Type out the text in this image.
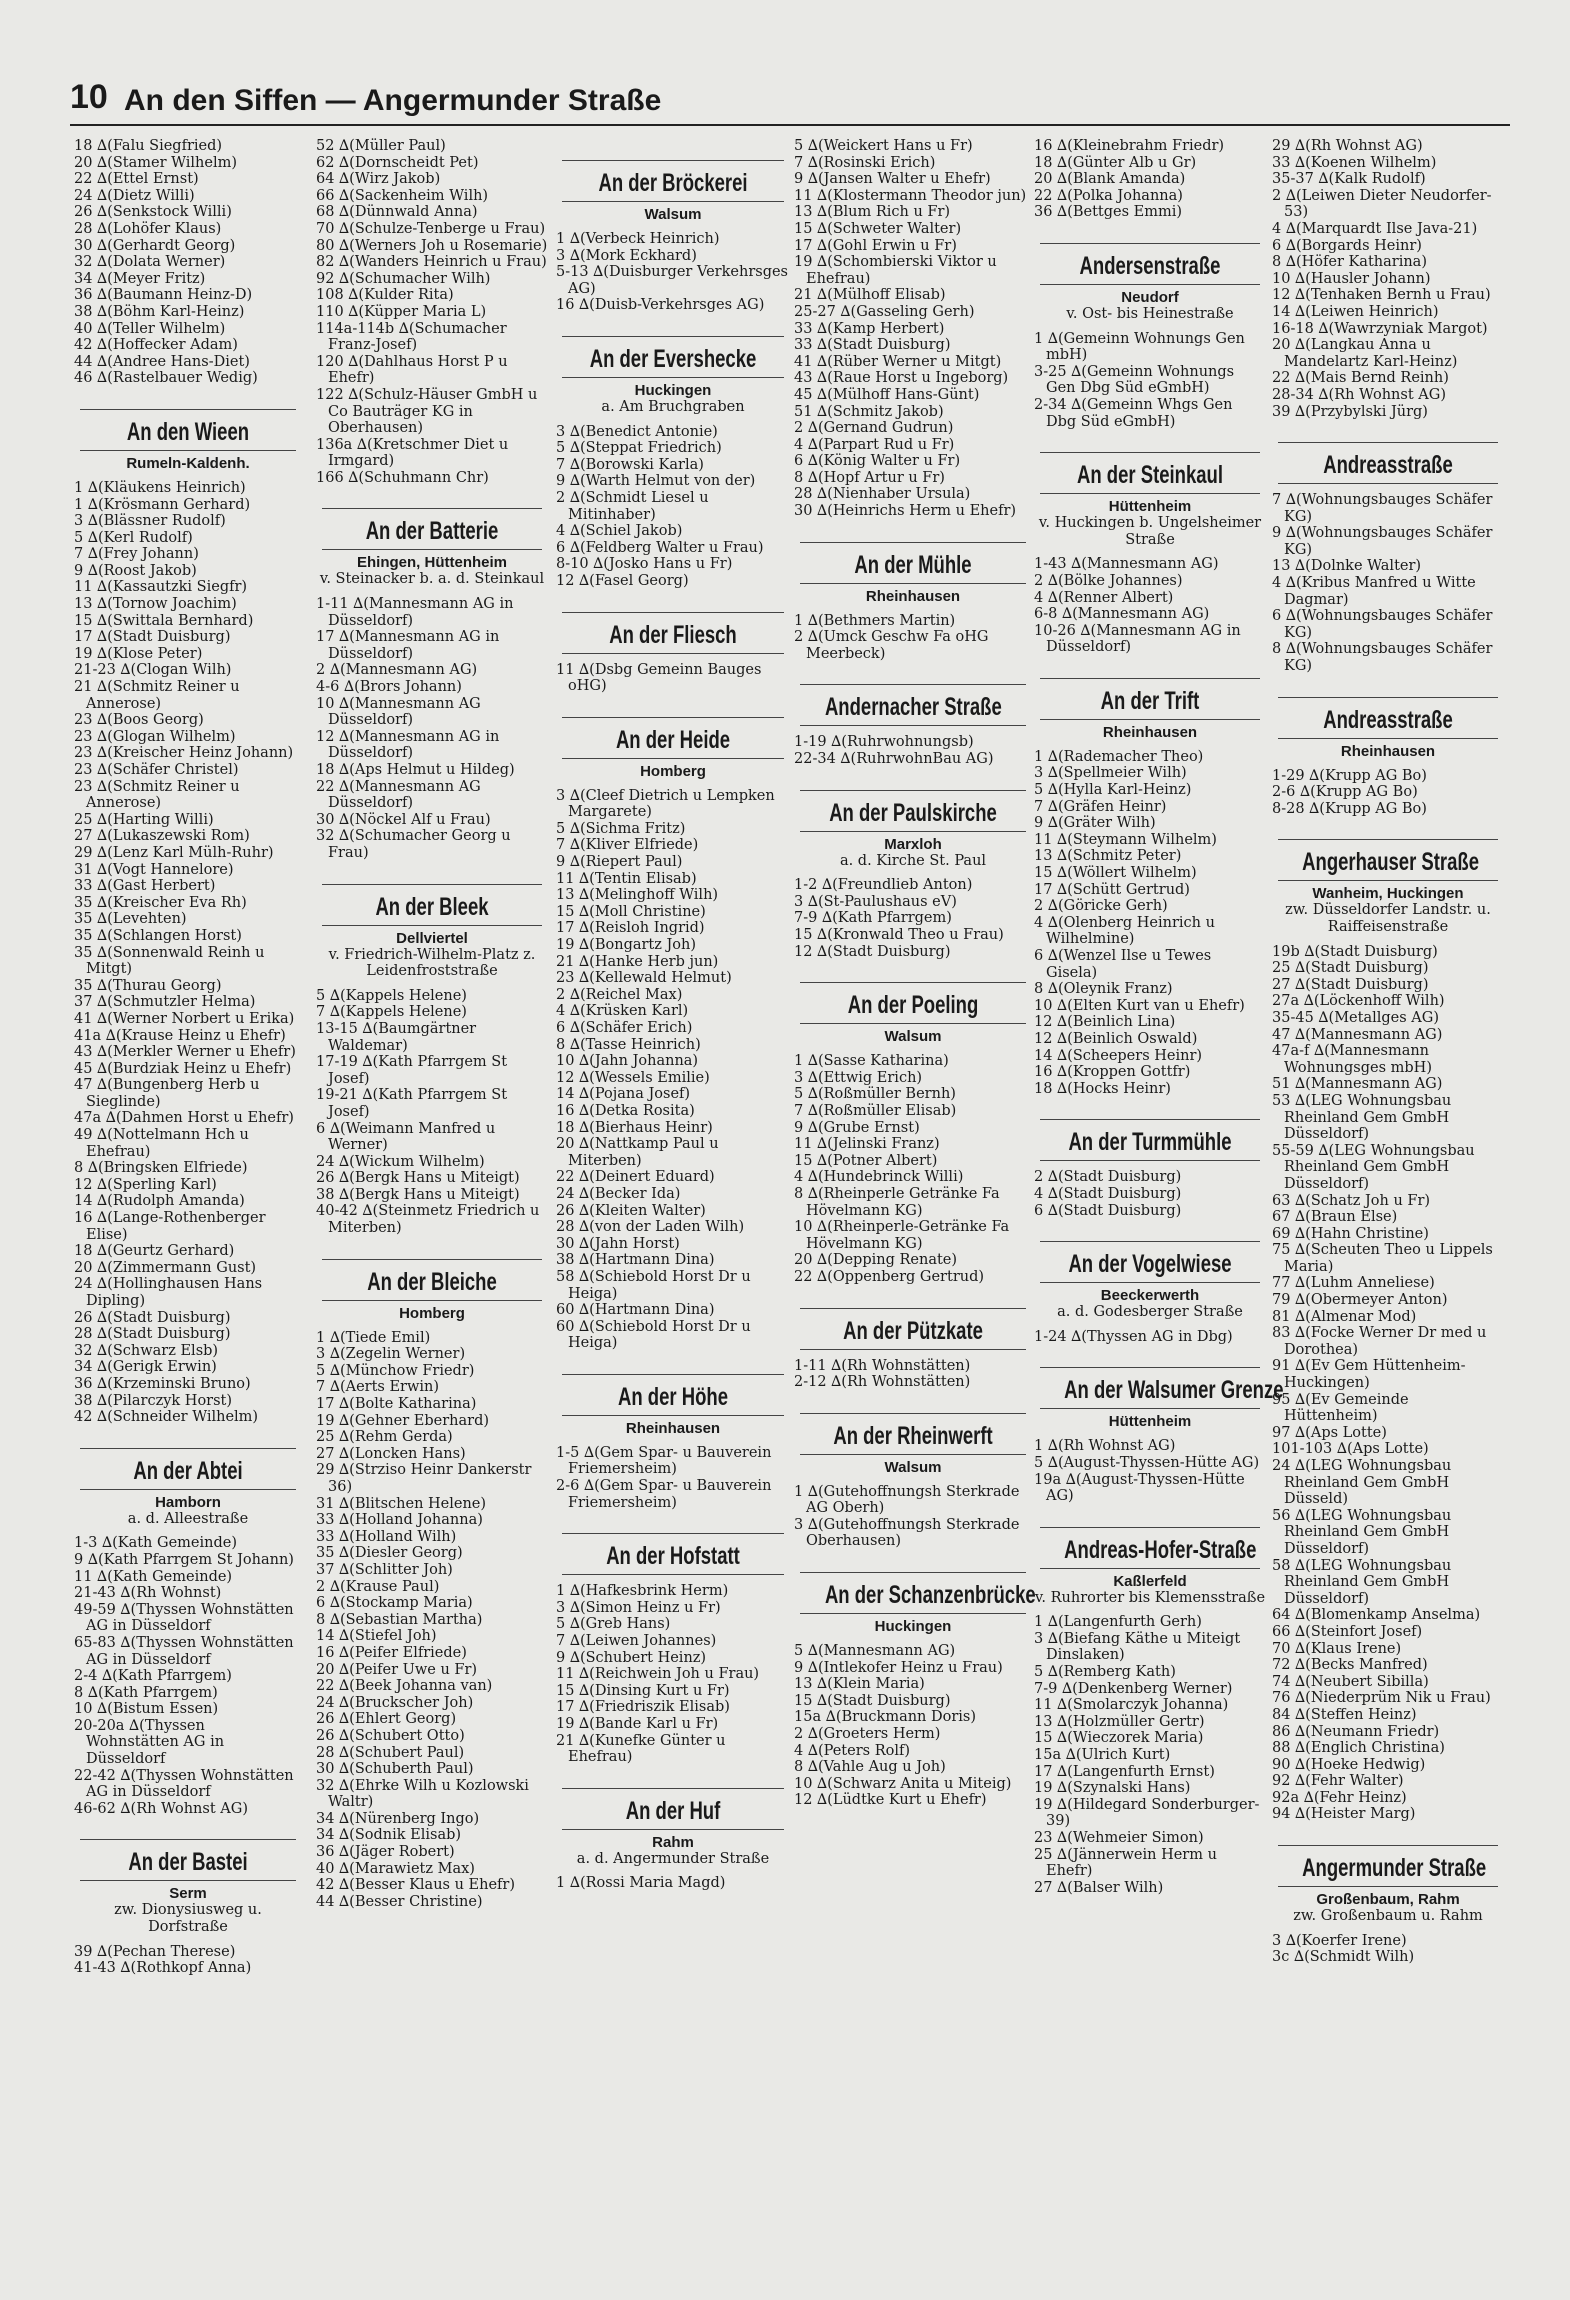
10 An den Siffen — Angermunder Straße
18 ∆(Falu Siegfried)
20 ∆(Stamer Wilhelm)
22 ∆(Ettel Ernst)
24 ∆(Dietz Willi)
26 ∆(Senkstock Willi)
28 ∆(Lohöfer Klaus)
30 ∆(Gerhardt Georg)
32 ∆(Dolata Werner)
34 ∆(Meyer Fritz)
36 ∆(Baumann Heinz-D)
38 ∆(Böhm Karl-Heinz)
40 ∆(Teller Wilhelm)
42 ∆(Hoffecker Adam)
44 ∆(Andree Hans-Diet)
46 ∆(Rastelbauer Wedig)
An den Wieen
Rumeln-Kaldenh.
1 ∆(Kläukens Heinrich)
1 ∆(Krösmann Gerhard)
3 ∆(Blässner Rudolf)
5 ∆(Kerl Rudolf)
7 ∆(Frey Johann)
9 ∆(Roost Jakob)
11 ∆(Kassautzki Siegfr)
13 ∆(Tornow Joachim)
15 ∆(Swittala Bernhard)
17 ∆(Stadt Duisburg)
19 ∆(Klose Peter)
21-23 ∆(Clogan Wilh)
21 ∆(Schmitz Reiner u Annerose)
23 ∆(Boos Georg)
23 ∆(Glogan Wilhelm)
23 ∆(Kreischer Heinz Johann)
23 ∆(Schäfer Christel)
23 ∆(Schmitz Reiner u Annerose)
25 ∆(Harting Willi)
27 ∆(Lukaszewski Rom)
29 ∆(Lenz Karl Mülh-Ruhr)
31 ∆(Vogt Hannelore)
33 ∆(Gast Herbert)
35 ∆(Kreischer Eva Rh)
35 ∆(Levehten)
35 ∆(Schlangen Horst)
35 ∆(Sonnenwald Reinh u Mitgt)
35 ∆(Thurau Georg)
37 ∆(Schmutzler Helma)
41 ∆(Werner Norbert u Erika)
41a ∆(Krause Heinz u Ehefr)
43 ∆(Merkler Werner u Ehefr)
45 ∆(Burdziak Heinz u Ehefr)
47 ∆(Bungenberg Herb u Sieglinde)
47a ∆(Dahmen Horst u Ehefr)
49 ∆(Nottelmann Hch u Ehefrau)
8 ∆(Bringsken Elfriede)
12 ∆(Sperling Karl)
14 ∆(Rudolph Amanda)
16 ∆(Lange-Rothenberger Elise)
18 ∆(Geurtz Gerhard)
20 ∆(Zimmermann Gust)
24 ∆(Hollinghausen Hans Dipling)
26 ∆(Stadt Duisburg)
28 ∆(Stadt Duisburg)
32 ∆(Schwarz Elsb)
34 ∆(Gerigk Erwin)
36 ∆(Krzeminski Bruno)
38 ∆(Pilarczyk Horst)
42 ∆(Schneider Wilhelm)
An der Abtei
Hamborn
a. d. Alleestraße
1-3 ∆(Kath Gemeinde)
9 ∆(Kath Pfarrgem St Johann)
11 ∆(Kath Gemeinde)
21-43 ∆(Rh Wohnst)
49-59 ∆(Thyssen Wohnstätten AG in Düsseldorf
65-83 ∆(Thyssen Wohnstätten AG in Düsseldorf
2-4 ∆(Kath Pfarrgem)
8 ∆(Kath Pfarrgem)
10 ∆(Bistum Essen)
20-20a ∆(Thyssen Wohnstätten AG in Düsseldorf
22-42 ∆(Thyssen Wohnstätten AG in Düsseldorf
46-62 ∆(Rh Wohnst AG)
An der Bastei
Serm
zw. Dionysiusweg u. Dorfstraße
39 ∆(Pechan Therese)
41-43 ∆(Rothkopf Anna)
52 ∆(Müller Paul)
62 ∆(Dornscheidt Pet)
64 ∆(Wirz Jakob)
66 ∆(Sackenheim Wilh)
68 ∆(Dünnwald Anna)
70 ∆(Schulze-Tenberge u Frau)
80 ∆(Werners Joh u Rosemarie)
82 ∆(Wanders Heinrich u Frau)
92 ∆(Schumacher Wilh)
108 ∆(Kulder Rita)
110 ∆(Küpper Maria L)
114a-114b ∆(Schumacher Franz-Josef)
120 ∆(Dahlhaus Horst P u Ehefr)
122 ∆(Schulz-Häuser GmbH u Co Bauträger KG in Oberhausen)
136a ∆(Kretschmer Diet u Irmgard)
166 ∆(Schuhmann Chr)
An der Batterie
Ehingen, Hüttenheim
v. Steinacker b. a. d. Steinkaul
1-11 ∆(Mannesmann AG in Düsseldorf)
17 ∆(Mannesmann AG in Düsseldorf)
2 ∆(Mannesmann AG)
4-6 ∆(Brors Johann)
10 ∆(Mannesmann AG Düsseldorf)
12 ∆(Mannesmann AG in Düsseldorf)
18 ∆(Aps Helmut u Hildeg)
22 ∆(Mannesmann AG Düsseldorf)
30 ∆(Nöckel Alf u Frau)
32 ∆(Schumacher Georg u Frau)
An der Bleek
Dellviertel
v. Friedrich-Wilhelm-Platz z. Leidenfroststraße
5 ∆(Kappels Helene)
7 ∆(Kappels Helene)
13-15 ∆(Baumgärtner Waldemar)
17-19 ∆(Kath Pfarrgem St Josef)
19-21 ∆(Kath Pfarrgem St Josef)
6 ∆(Weimann Manfred u Werner)
24 ∆(Wickum Wilhelm)
26 ∆(Bergk Hans u Miteigt)
38 ∆(Bergk Hans u Miteigt)
40-42 ∆(Steinmetz Friedrich u Miterben)
An der Bleiche
Homberg
1 ∆(Tiede Emil)
3 ∆(Zegelin Werner)
5 ∆(Münchow Friedr)
7 ∆(Aerts Erwin)
17 ∆(Bolte Katharina)
19 ∆(Gehner Eberhard)
25 ∆(Rehm Gerda)
27 ∆(Loncken Hans)
29 ∆(Strziso Heinr Dankerstr 36)
31 ∆(Blitschen Helene)
33 ∆(Holland Johanna)
33 ∆(Holland Wilh)
35 ∆(Diesler Georg)
37 ∆(Schlitter Joh)
2 ∆(Krause Paul)
6 ∆(Stockamp Maria)
8 ∆(Sebastian Martha)
14 ∆(Stiefel Joh)
16 ∆(Peifer Elfriede)
20 ∆(Peifer Uwe u Fr)
22 ∆(Beek Johanna van)
24 ∆(Bruckscher Joh)
26 ∆(Ehlert Georg)
26 ∆(Schubert Otto)
28 ∆(Schubert Paul)
30 ∆(Schuberth Paul)
32 ∆(Ehrke Wilh u Kozlowski Waltr)
34 ∆(Nürenberg Ingo)
34 ∆(Sodnik Elisab)
36 ∆(Jäger Robert)
40 ∆(Marawietz Max)
42 ∆(Besser Klaus u Ehefr)
44 ∆(Besser Christine)
An der Bröckerei
Walsum
1 ∆(Verbeck Heinrich)
3 ∆(Mork Eckhard)
5-13 ∆(Duisburger Verkehrsges AG)
16 ∆(Duisb-Verkehrsges AG)
An der Evershecke
Huckingen
a. Am Bruchgraben
3 ∆(Benedict Antonie)
5 ∆(Steppat Friedrich)
7 ∆(Borowski Karla)
9 ∆(Warth Helmut von der)
2 ∆(Schmidt Liesel u Mitinhaber)
4 ∆(Schiel Jakob)
6 ∆(Feldberg Walter u Frau)
8-10 ∆(Josko Hans u Fr)
12 ∆(Fasel Georg)
An der Fliesch
11 ∆(Dsbg Gemeinn Bauges oHG)
An der Heide
Homberg
3 ∆(Cleef Dietrich u Lempken Margarete)
5 ∆(Sichma Fritz)
7 ∆(Kliver Elfriede)
9 ∆(Riepert Paul)
11 ∆(Tentin Elisab)
13 ∆(Melinghoff Wilh)
15 ∆(Moll Christine)
17 ∆(Reisloh Ingrid)
19 ∆(Bongartz Joh)
21 ∆(Hanke Herb jun)
23 ∆(Kellewald Helmut)
2 ∆(Reichel Max)
4 ∆(Krüsken Karl)
6 ∆(Schäfer Erich)
8 ∆(Tasse Heinrich)
10 ∆(Jahn Johanna)
12 ∆(Wessels Emilie)
14 ∆(Pojana Josef)
16 ∆(Detka Rosita)
18 ∆(Bierhaus Heinr)
20 ∆(Nattkamp Paul u Miterben)
22 ∆(Deinert Eduard)
24 ∆(Becker Ida)
26 ∆(Kleiten Walter)
28 ∆(von der Laden Wilh)
30 ∆(Jahn Horst)
38 ∆(Hartmann Dina)
58 ∆(Schiebold Horst Dr u Heiga)
60 ∆(Hartmann Dina)
60 ∆(Schiebold Horst Dr u Heiga)
An der Höhe
Rheinhausen
1-5 ∆(Gem Spar- u Bauverein Friemersheim)
2-6 ∆(Gem Spar- u Bauverein Friemersheim)
An der Hofstatt
1 ∆(Hafkesbrink Herm)
3 ∆(Simon Heinz u Fr)
5 ∆(Greb Hans)
7 ∆(Leiwen Johannes)
9 ∆(Schubert Heinz)
11 ∆(Reichwein Joh u Frau)
15 ∆(Dinsing Kurt u Fr)
17 ∆(Friedriszik Elisab)
19 ∆(Bande Karl u Fr)
21 ∆(Kunefke Günter u Ehefrau)
An der Huf
Rahm
a. d. Angermunder Straße
1 ∆(Rossi Maria Magd)
5 ∆(Weickert Hans u Fr)
7 ∆(Rosinski Erich)
9 ∆(Jansen Walter u Ehefr)
11 ∆(Klostermann Theodor jun)
13 ∆(Blum Rich u Fr)
15 ∆(Schweter Walter)
17 ∆(Gohl Erwin u Fr)
19 ∆(Schombierski Viktor u Ehefrau)
21 ∆(Mülhoff Elisab)
25-27 ∆(Gasseling Gerh)
33 ∆(Kamp Herbert)
33 ∆(Stadt Duisburg)
41 ∆(Rüber Werner u Mitgt)
43 ∆(Raue Horst u Ingeborg)
45 ∆(Mülhoff Hans-Günt)
51 ∆(Schmitz Jakob)
2 ∆(Gernand Gudrun)
4 ∆(Parpart Rud u Fr)
6 ∆(König Walter u Fr)
8 ∆(Hopf Artur u Fr)
28 ∆(Nienhaber Ursula)
30 ∆(Heinrichs Herm u Ehefr)
An der Mühle
Rheinhausen
1 ∆(Bethmers Martin)
2 ∆(Umck Geschw Fa oHG Meerbeck)
Andernacher Straße
1-19 ∆(Ruhrwohnungsb)
22-34 ∆(RuhrwohnBau AG)
An der Paulskirche
Marxloh
a. d. Kirche St. Paul
1-2 ∆(Freundlieb Anton)
3 ∆(St-Paulushaus eV)
7-9 ∆(Kath Pfarrgem)
15 ∆(Kronwald Theo u Frau)
12 ∆(Stadt Duisburg)
An der Poeling
Walsum
1 ∆(Sasse Katharina)
3 ∆(Ettwig Erich)
5 ∆(Roßmüller Bernh)
7 ∆(Roßmüller Elisab)
9 ∆(Grube Ernst)
11 ∆(Jelinski Franz)
15 ∆(Potner Albert)
4 ∆(Hundebrinck Willi)
8 ∆(Rheinperle Getränke Fa Hövelmann KG)
10 ∆(Rheinperle-Getränke Fa Hövelmann KG)
20 ∆(Depping Renate)
22 ∆(Oppenberg Gertrud)
An der Pützkate
1-11 ∆(Rh Wohnstätten)
2-12 ∆(Rh Wohnstätten)
An der Rheinwerft
Walsum
1 ∆(Gutehoffnungsh Sterkrade AG Oberh)
3 ∆(Gutehoffnungsh Sterkrade Oberhausen)
An der Schanzenbrücke
Huckingen
5 ∆(Mannesmann AG)
9 ∆(Intlekofer Heinz u Frau)
13 ∆(Klein Maria)
15 ∆(Stadt Duisburg)
15a ∆(Bruckmann Doris)
2 ∆(Groeters Herm)
4 ∆(Peters Rolf)
8 ∆(Vahle Aug u Joh)
10 ∆(Schwarz Anita u Miteig)
12 ∆(Lüdtke Kurt u Ehefr)
16 ∆(Kleinebrahm Friedr)
18 ∆(Günter Alb u Gr)
20 ∆(Blank Amanda)
22 ∆(Polka Johanna)
36 ∆(Bettges Emmi)
Andersenstraße
Neudorf
v. Ost- bis Heinestraße
1 ∆(Gemeinn Wohnungs Gen mbH)
3-25 ∆(Gemeinn Wohnungs Gen Dbg Süd eGmbH)
2-34 ∆(Gemeinn Whgs Gen Dbg Süd eGmbH)
An der Steinkaul
Hüttenheim
v. Huckingen b. Ungelsheimer Straße
1-43 ∆(Mannesmann AG)
2 ∆(Bölke Johannes)
4 ∆(Renner Albert)
6-8 ∆(Mannesmann AG)
10-26 ∆(Mannesmann AG in Düsseldorf)
An der Trift
Rheinhausen
1 ∆(Rademacher Theo)
3 ∆(Spellmeier Wilh)
5 ∆(Hylla Karl-Heinz)
7 ∆(Gräfen Heinr)
9 ∆(Gräter Wilh)
11 ∆(Steymann Wilhelm)
13 ∆(Schmitz Peter)
15 ∆(Wöllert Wilhelm)
17 ∆(Schütt Gertrud)
2 ∆(Göricke Gerh)
4 ∆(Olenberg Heinrich u Wilhelmine)
6 ∆(Wenzel Ilse u Tewes Gisela)
8 ∆(Oleynik Franz)
10 ∆(Elten Kurt van u Ehefr)
12 ∆(Beinlich Lina)
12 ∆(Beinlich Oswald)
14 ∆(Scheepers Heinr)
16 ∆(Kroppen Gottfr)
18 ∆(Hocks Heinr)
An der Turmmühle
2 ∆(Stadt Duisburg)
4 ∆(Stadt Duisburg)
6 ∆(Stadt Duisburg)
An der Vogelwiese
Beeckerwerth
a. d. Godesberger Straße
1-24 ∆(Thyssen AG in Dbg)
An der Walsumer Grenze
Hüttenheim
1 ∆(Rh Wohnst AG)
5 ∆(August-Thyssen-Hütte AG)
19a ∆(August-Thyssen-Hütte AG)
Andreas-Hofer-Straße
Kaßlerfeld
v. Ruhrorter bis Klemensstraße
1 ∆(Langenfurth Gerh)
3 ∆(Biefang Käthe u Miteigt Dinslaken)
5 ∆(Remberg Kath)
7-9 ∆(Denkenberg Werner)
11 ∆(Smolarczyk Johanna)
13 ∆(Holzmüller Gertr)
15 ∆(Wieczorek Maria)
15a ∆(Ulrich Kurt)
17 ∆(Langenfurth Ernst)
19 ∆(Szynalski Hans)
19 ∆(Hildegard Sonderburger-39)
23 ∆(Wehmeier Simon)
25 ∆(Jännerwein Herm u Ehefr)
27 ∆(Balser Wilh)
29 ∆(Rh Wohnst AG)
33 ∆(Koenen Wilhelm)
35-37 ∆(Kalk Rudolf)
2 ∆(Leiwen Dieter Neudorfer-53)
4 ∆(Marquardt Ilse Java-21)
6 ∆(Borgards Heinr)
8 ∆(Höfer Katharina)
10 ∆(Hausler Johann)
12 ∆(Tenhaken Bernh u Frau)
14 ∆(Leiwen Heinrich)
16-18 ∆(Wawrzyniak Margot)
20 ∆(Langkau Anna u Mandelartz Karl-Heinz)
22 ∆(Mais Bernd Reinh)
28-34 ∆(Rh Wohnst AG)
39 ∆(Przybylski Jürg)
Andreasstraße
7 ∆(Wohnungsbauges Schäfer KG)
9 ∆(Wohnungsbauges Schäfer KG)
13 ∆(Dolnke Walter)
4 ∆(Kribus Manfred u Witte Dagmar)
6 ∆(Wohnungsbauges Schäfer KG)
8 ∆(Wohnungsbauges Schäfer KG)
Andreasstraße
Rheinhausen
1-29 ∆(Krupp AG Bo)
2-6 ∆(Krupp AG Bo)
8-28 ∆(Krupp AG Bo)
Angerhauser Straße
Wanheim, Huckingen
zw. Düsseldorfer Landstr. u. Raiffeisenstraße
19b ∆(Stadt Duisburg)
25 ∆(Stadt Duisburg)
27 ∆(Stadt Duisburg)
27a ∆(Löckenhoff Wilh)
35-45 ∆(Metallges AG)
47 ∆(Mannesmann AG)
47a-f ∆(Mannesmann Wohnungsges mbH)
51 ∆(Mannesmann AG)
53 ∆(LEG Wohnungsbau Rheinland Gem GmbH Düsseldorf)
55-59 ∆(LEG Wohnungsbau Rheinland Gem GmbH Düsseldorf)
63 ∆(Schatz Joh u Fr)
67 ∆(Braun Else)
69 ∆(Hahn Christine)
75 ∆(Scheuten Theo u Lippels Maria)
77 ∆(Luhm Anneliese)
79 ∆(Obermeyer Anton)
81 ∆(Almenar Mod)
83 ∆(Focke Werner Dr med u Dorothea)
91 ∆(Ev Gem Hüttenheim-Huckingen)
95 ∆(Ev Gemeinde Hüttenheim)
97 ∆(Aps Lotte)
101-103 ∆(Aps Lotte)
24 ∆(LEG Wohnungsbau Rheinland Gem GmbH Düsseld)
56 ∆(LEG Wohnungsbau Rheinland Gem GmbH Düsseldorf)
58 ∆(LEG Wohnungsbau Rheinland Gem GmbH Düsseldorf)
64 ∆(Blomenkamp Anselma)
66 ∆(Steinfort Josef)
70 ∆(Klaus Irene)
72 ∆(Becks Manfred)
74 ∆(Neubert Sibilla)
76 ∆(Niederprüm Nik u Frau)
84 ∆(Steffen Heinz)
86 ∆(Neumann Friedr)
88 ∆(Englich Christina)
90 ∆(Hoeke Hedwig)
92 ∆(Fehr Walter)
92a ∆(Fehr Heinz)
94 ∆(Heister Marg)
Angermunder Straße
Großenbaum, Rahm
zw. Großenbaum u. Rahm
3 ∆(Koerfer Irene)
3c ∆(Schmidt Wilh)
